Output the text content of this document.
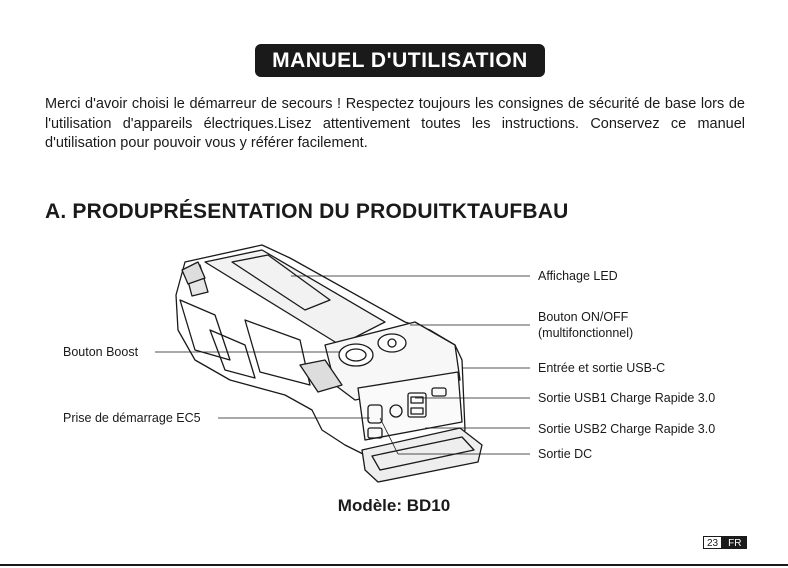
MANUEL D'UTILISATION
Merci d'avoir choisi le démarreur de secours ! Respectez toujours les consignes de sécurité de base lors de l'utilisation d'appareils électriques.Lisez attentivement toutes les instructions. Conservez ce manuel d'utilisation pour pouvoir vous y référer facilement.
A. PRODUPRÉSENTATION DU PRODUITKTAUFBAU
Affichage LED
Bouton ON/OFF
(multifonctionnel)
Entrée et sortie USB-C
Sortie USB1 Charge Rapide 3.0
Sortie USB2 Charge Rapide 3.0
Sortie DC
Bouton Boost
Prise de démarrage EC5
Modèle: BD10
23	FR
